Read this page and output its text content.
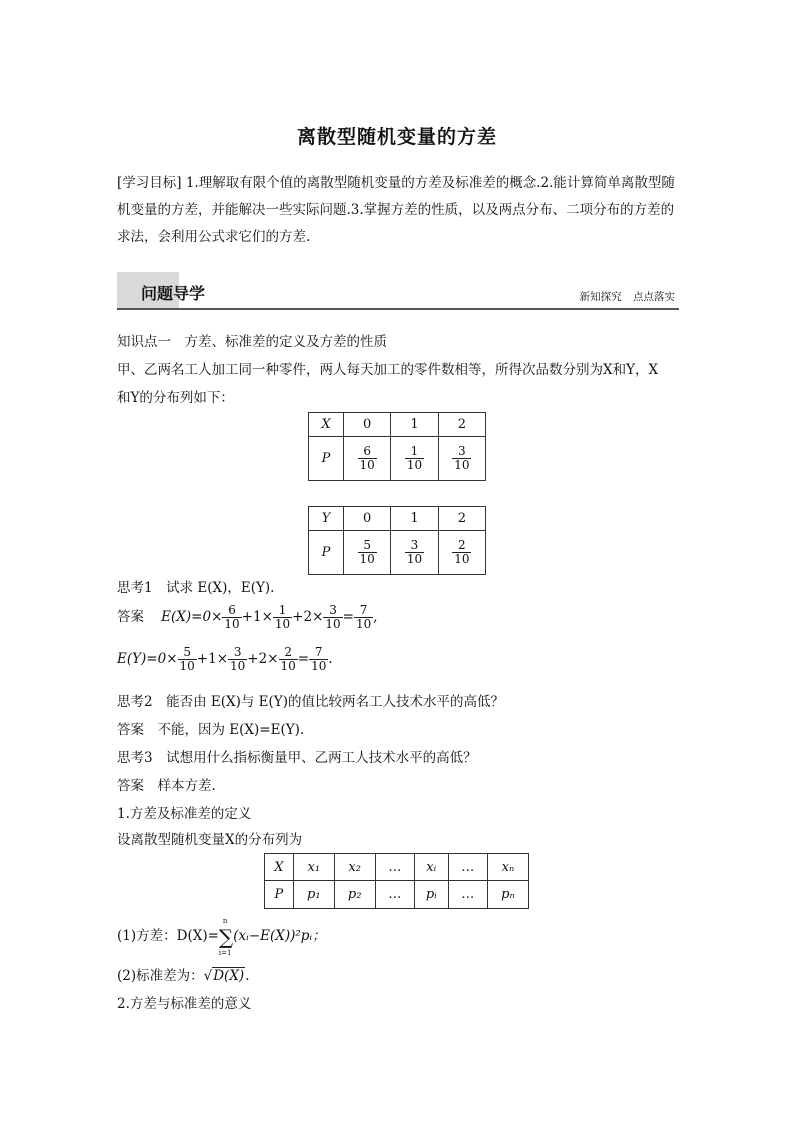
离散型随机变量的方差
[学习目标] 1.理解取有限个值的离散型随机变量的方差及标准差的概念.2.能计算简单离散型随机变量的方差，并能解决一些实际问题.3.掌握方差的性质，以及两点分布、二项分布的方差的求法，会利用公式求它们的方差.
问题导学	新知探究 点点落实
知识点一　方差、标准差的定义及方差的性质
甲、乙两名工人加工同一种零件，两人每天加工的零件数相等，所得次品数分别为X和Y，X
和Y的分布列如下：
X	0	1	2
P	$\frac{6}{10}$	$\frac{1}{10}$	$\frac{3}{10}$
Y	0	1	2
P	$\frac{5}{10}$	$\frac{3}{10}$	$\frac{2}{10}$
思考1　试求 E(X)，E(Y).
答案 $E(X)=0\times \frac{6}{10} +1\times \frac{1}{10} +2\times \frac{3}{10} = \frac{7}{10}$ ,
$E(Y)=0\times \frac{5}{10} +1\times \frac{3}{10} +2\times \frac{2}{10} = \frac{7}{10}$ .
思考2　能否由 E(X)与 E(Y)的值比较两名工人技术水平的高低？
答案　不能，因为 E(X)=E(Y).
思考3　试想用什么指标衡量甲、乙两工人技术水平的高低？
答案　样本方差.
1.方差及标准差的定义
设离散型随机变量X的分布列为
X	x₁	x₂	…	xᵢ	…	xₙ
P	p₁	p₂	…	pᵢ	…	pₙ
(1)方差：D(X)=∑
n
i=1
(xᵢ−E(X))²pᵢ；
(2)标准差为：√D(X).
2.方差与标准差的意义
